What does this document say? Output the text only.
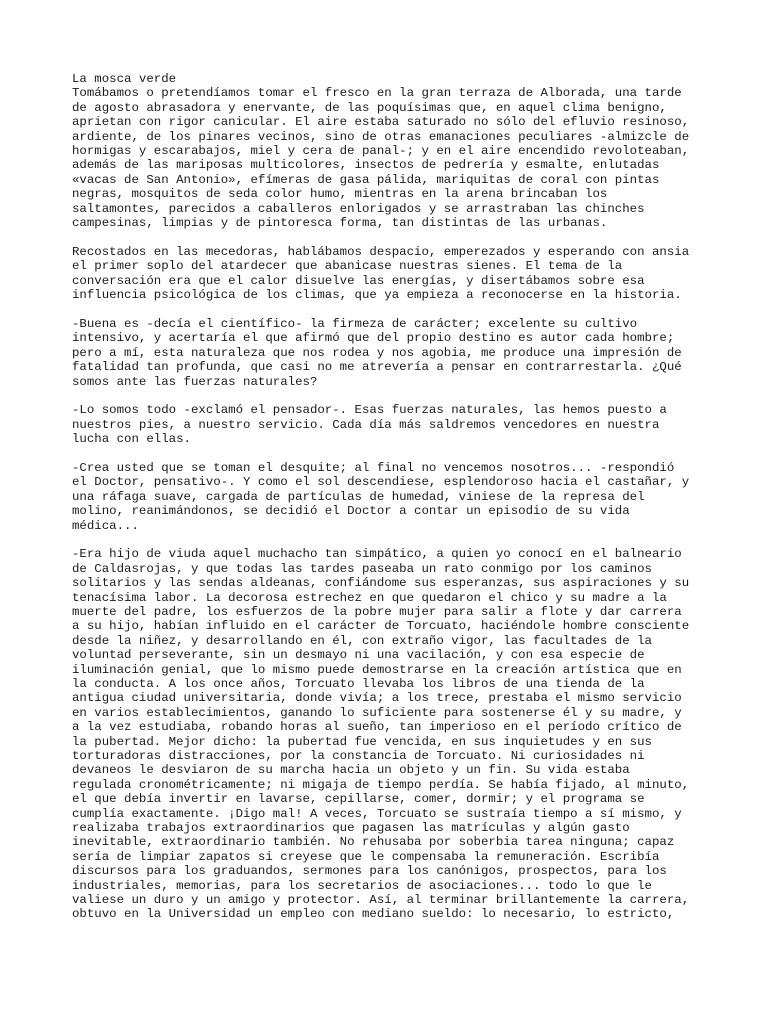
La mosca verde
Tomábamos o pretendíamos tomar el fresco en la gran terraza de Alborada, una tarde
de agosto abrasadora y enervante, de las poquísimas que, en aquel clima benigno,
aprietan con rigor canicular. El aire estaba saturado no sólo del efluvio resinoso,
ardiente, de los pinares vecinos, sino de otras emanaciones peculiares -almizcle de
hormigas y escarabajos, miel y cera de panal-; y en el aire encendido revoloteaban,
además de las mariposas multicolores, insectos de pedrería y esmalte, enlutadas
«vacas de San Antonio», efímeras de gasa pálida, mariquitas de coral con pintas
negras, mosquitos de seda color humo, mientras en la arena brincaban los
saltamontes, parecidos a caballeros enlorigados y se arrastraban las chinches
campesinas, limpias y de pintoresca forma, tan distintas de las urbanas.
Recostados en las mecedoras, hablábamos despacio, emperezados y esperando con ansia
el primer soplo del atardecer que abanicase nuestras sienes. El tema de la
conversación era que el calor disuelve las energías, y disertábamos sobre esa
influencia psicológica de los climas, que ya empieza a reconocerse en la historia.
-Buena es -decía el científico- la firmeza de carácter; excelente su cultivo
intensivo, y acertaría el que afirmó que del propio destino es autor cada hombre;
pero a mí, esta naturaleza que nos rodea y nos agobia, me produce una impresión de
fatalidad tan profunda, que casi no me atrevería a pensar en contrarrestarla. ¿Qué
somos ante las fuerzas naturales?
-Lo somos todo -exclamó el pensador-. Esas fuerzas naturales, las hemos puesto a
nuestros pies, a nuestro servicio. Cada día más saldremos vencedores en nuestra
lucha con ellas.
-Crea usted que se toman el desquite; al final no vencemos nosotros... -respondió
el Doctor, pensativo-. Y como el sol descendiese, esplendoroso hacia el castañar, y
una ráfaga suave, cargada de partículas de humedad, viniese de la represa del
molino, reanimándonos, se decidió el Doctor a contar un episodio de su vida
médica...
-Era hijo de viuda aquel muchacho tan simpático, a quien yo conocí en el balneario
de Caldasrojas, y que todas las tardes paseaba un rato conmigo por los caminos
solitarios y las sendas aldeanas, confiándome sus esperanzas, sus aspiraciones y su
tenacísima labor. La decorosa estrechez en que quedaron el chico y su madre a la
muerte del padre, los esfuerzos de la pobre mujer para salir a flote y dar carrera
a su hijo, habían influido en el carácter de Torcuato, haciéndole hombre consciente
desde la niñez, y desarrollando en él, con extraño vigor, las facultades de la
voluntad perseverante, sin un desmayo ni una vacilación, y con esa especie de
iluminación genial, que lo mismo puede demostrarse en la creación artística que en
la conducta. A los once años, Torcuato llevaba los libros de una tienda de la
antigua ciudad universitaria, donde vivía; a los trece, prestaba el mismo servicio
en varios establecimientos, ganando lo suficiente para sostenerse él y su madre, y
a la vez estudiaba, robando horas al sueño, tan imperioso en el período crítico de
la pubertad. Mejor dicho: la pubertad fue vencida, en sus inquietudes y en sus
torturadoras distracciones, por la constancia de Torcuato. Ni curiosidades ni
devaneos le desviaron de su marcha hacia un objeto y un fin. Su vida estaba
regulada cronométricamente; ni migaja de tiempo perdía. Se había fijado, al minuto,
el que debía invertir en lavarse, cepillarse, comer, dormir; y el programa se
cumplía exactamente. ¡Digo mal! A veces, Torcuato se sustraía tiempo a sí mismo, y
realizaba trabajos extraordinarios que pagasen las matrículas y algún gasto
inevitable, extraordinario también. No rehusaba por soberbia tarea ninguna; capaz
sería de limpiar zapatos si creyese que le compensaba la remuneración. Escribía
discursos para los graduandos, sermones para los canónigos, prospectos, para los
industriales, memorias, para los secretarios de asociaciones... todo lo que le
valiese un duro y un amigo y protector. Así, al terminar brillantemente la carrera,
obtuvo en la Universidad un empleo con mediano sueldo: lo necesario, lo estricto,
